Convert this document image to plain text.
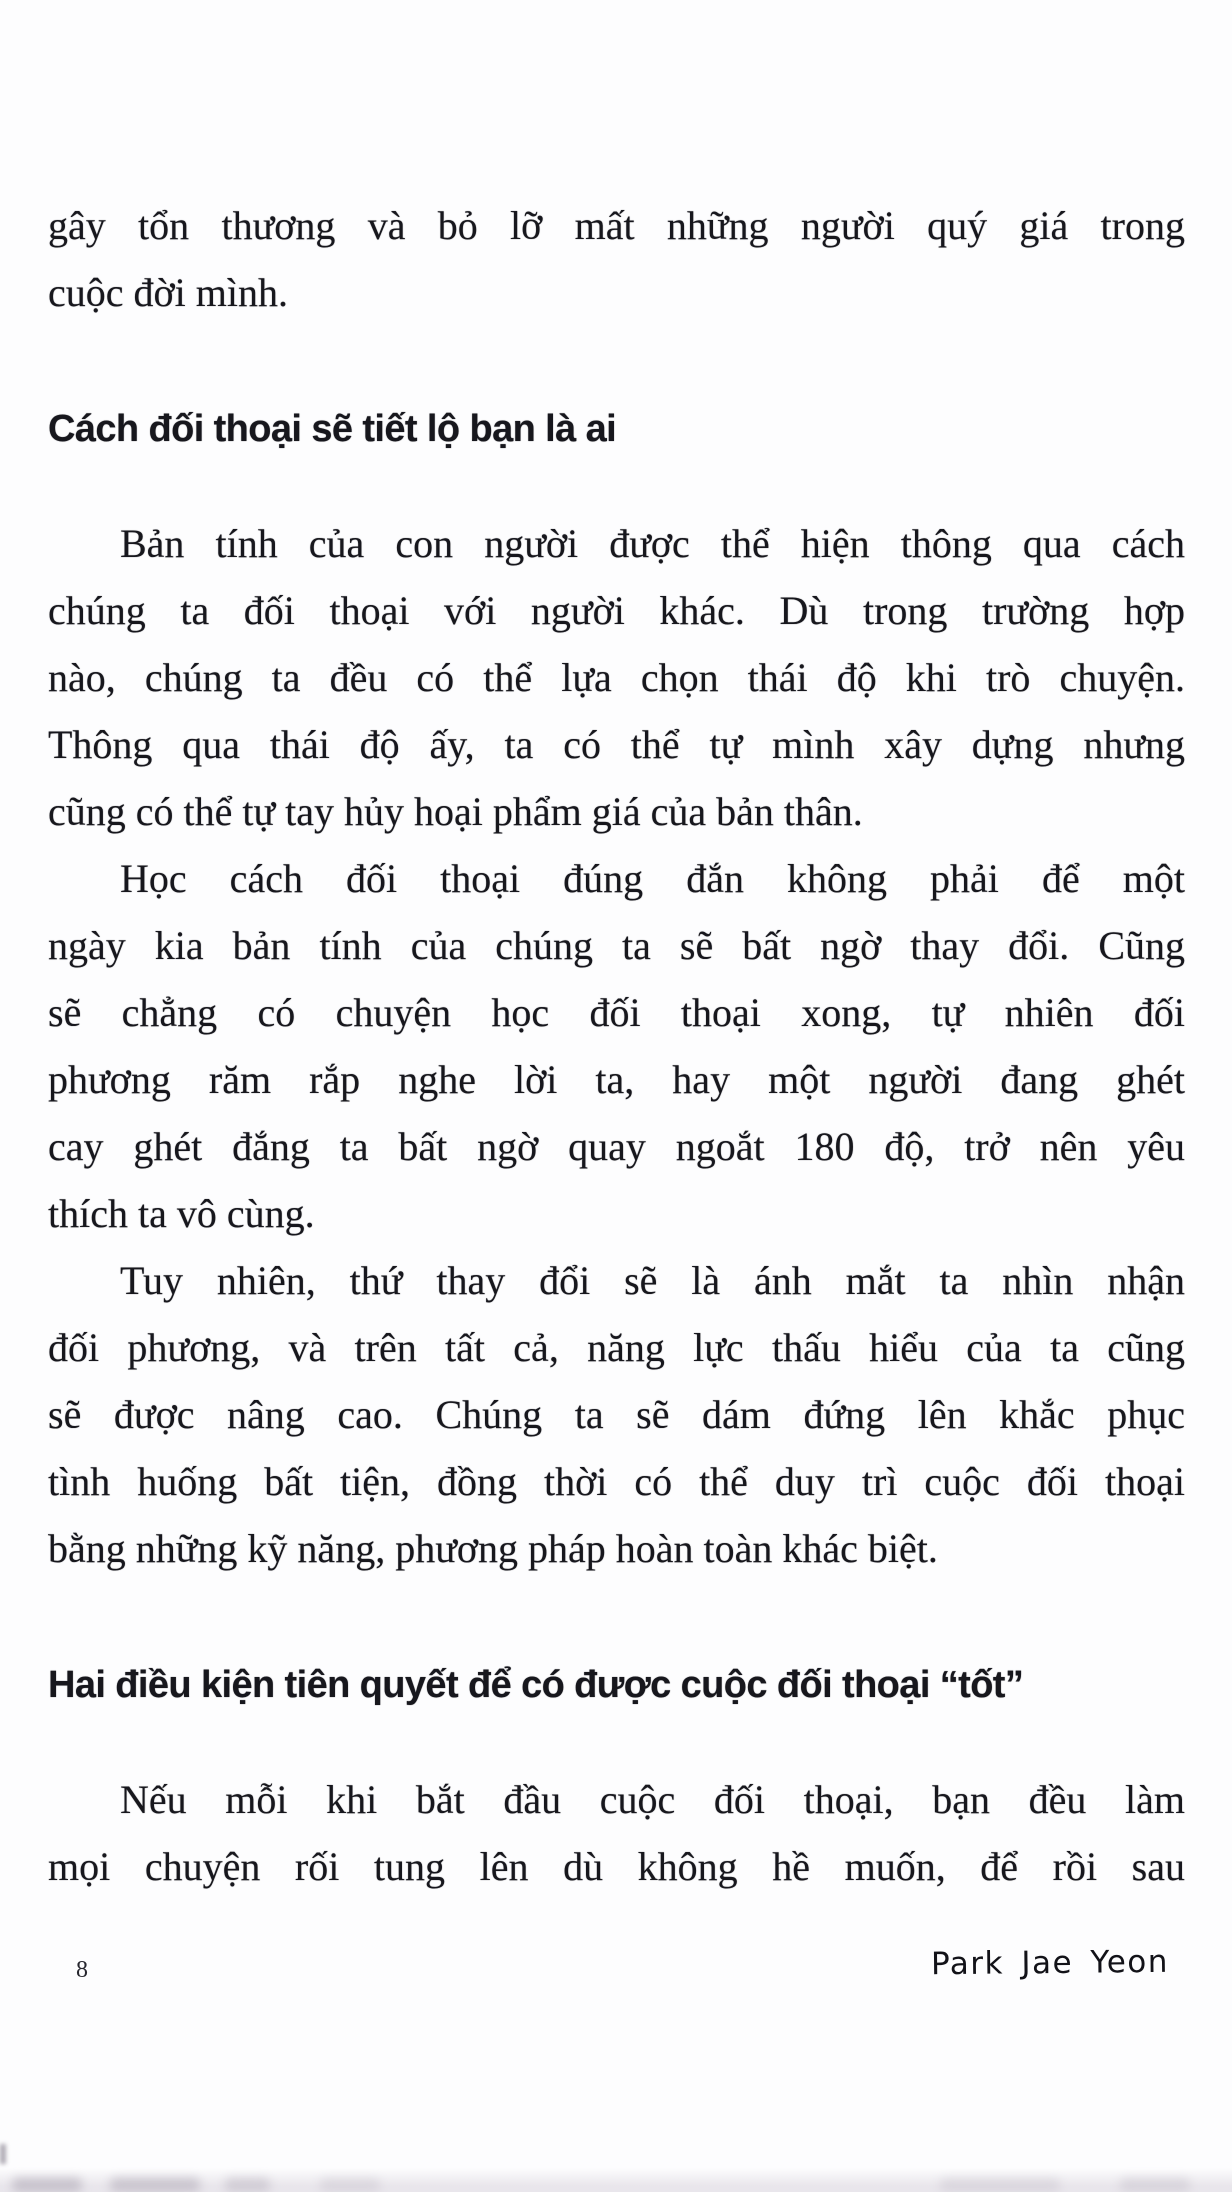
gây tổn thương và bỏ lỡ mất những người quý giá trong
cuộc đời mình.
Cách đối thoại sẽ tiết lộ bạn là ai
Bản tính của con người được thể hiện thông qua cách
chúng ta đối thoại với người khác. Dù trong trường hợp
nào, chúng ta đều có thể lựa chọn thái độ khi trò chuyện.
Thông qua thái độ ấy, ta có thể tự mình xây dựng nhưng
cũng có thể tự tay hủy hoại phẩm giá của bản thân.
Học cách đối thoại đúng đắn không phải để một
ngày kia bản tính của chúng ta sẽ bất ngờ thay đổi. Cũng
sẽ chẳng có chuyện học đối thoại xong, tự nhiên đối
phương răm rắp nghe lời ta, hay một người đang ghét
cay ghét đắng ta bất ngờ quay ngoắt 180 độ, trở nên yêu
thích ta vô cùng.
Tuy nhiên, thứ thay đổi sẽ là ánh mắt ta nhìn nhận
đối phương, và trên tất cả, năng lực thấu hiểu của ta cũng
sẽ được nâng cao. Chúng ta sẽ dám đứng lên khắc phục
tình huống bất tiện, đồng thời có thể duy trì cuộc đối thoại
bằng những kỹ năng, phương pháp hoàn toàn khác biệt.
Hai điều kiện tiên quyết để có được cuộc đối thoại “tốt”
Nếu mỗi khi bắt đầu cuộc đối thoại, bạn đều làm
mọi chuyện rối tung lên dù không hề muốn, để rồi sau
8	Park Jae Yeon
